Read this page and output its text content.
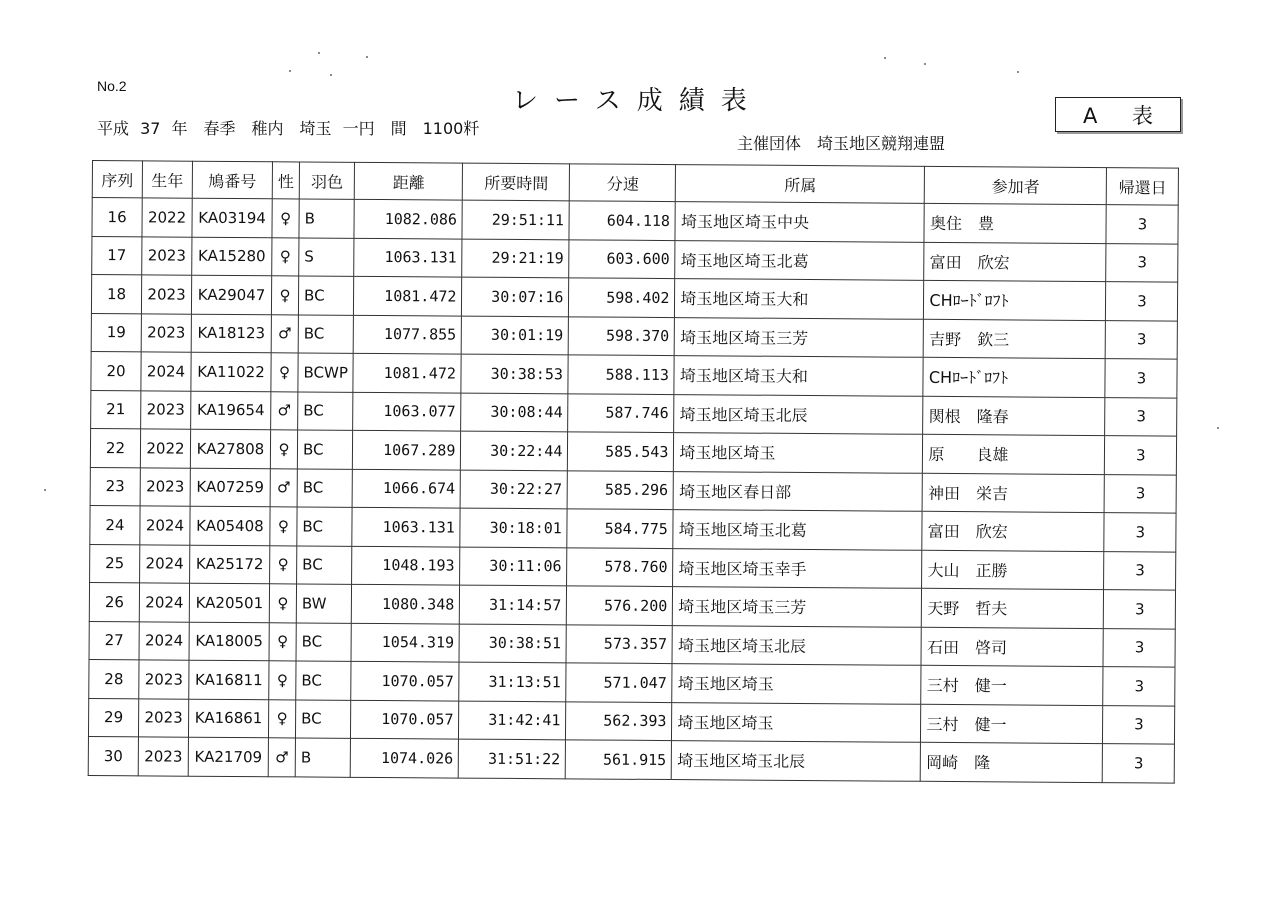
No.2	レース成績表	A 表
平成 37 年　春季　稚内　埼玉 一円　間　1100粁
主催団体 埼玉地区競翔連盟
序列	生年	鳩番号	性	羽色	距離	所要時間	分速	所属	参加者	帰還日
16	2022	KA03194	♀	B	1082.086	29:51:11	604.118	埼玉地区埼玉中央	奥住　豊	3
17	2023	KA15280	♀	S	1063.131	29:21:19	603.600	埼玉地区埼玉北葛	富田　欣宏	3
18	2023	KA29047	♀	BC	1081.472	30:07:16	598.402	埼玉地区埼玉大和	CHﾛｰﾄﾞﾛﾌﾄ	3
19	2023	KA18123	♂	BC	1077.855	30:01:19	598.370	埼玉地区埼玉三芳	吉野　欽三	3
20	2024	KA11022	♀	BCWP	1081.472	30:38:53	588.113	埼玉地区埼玉大和	CHﾛｰﾄﾞﾛﾌﾄ	3
21	2023	KA19654	♂	BC	1063.077	30:08:44	587.746	埼玉地区埼玉北辰	関根　隆春	3
22	2022	KA27808	♀	BC	1067.289	30:22:44	585.543	埼玉地区埼玉	原　　良雄	3
23	2023	KA07259	♂	BC	1066.674	30:22:27	585.296	埼玉地区春日部	神田　栄吉	3
24	2024	KA05408	♀	BC	1063.131	30:18:01	584.775	埼玉地区埼玉北葛	富田　欣宏	3
25	2024	KA25172	♀	BC	1048.193	30:11:06	578.760	埼玉地区埼玉幸手	大山　正勝	3
26	2024	KA20501	♀	BW	1080.348	31:14:57	576.200	埼玉地区埼玉三芳	天野　哲夫	3
27	2024	KA18005	♀	BC	1054.319	30:38:51	573.357	埼玉地区埼玉北辰	石田　啓司	3
28	2023	KA16811	♀	BC	1070.057	31:13:51	571.047	埼玉地区埼玉	三村　健一	3
29	2023	KA16861	♀	BC	1070.057	31:42:41	562.393	埼玉地区埼玉	三村　健一	3
30	2023	KA21709	♂	B	1074.026	31:51:22	561.915	埼玉地区埼玉北辰	岡崎　隆	3
